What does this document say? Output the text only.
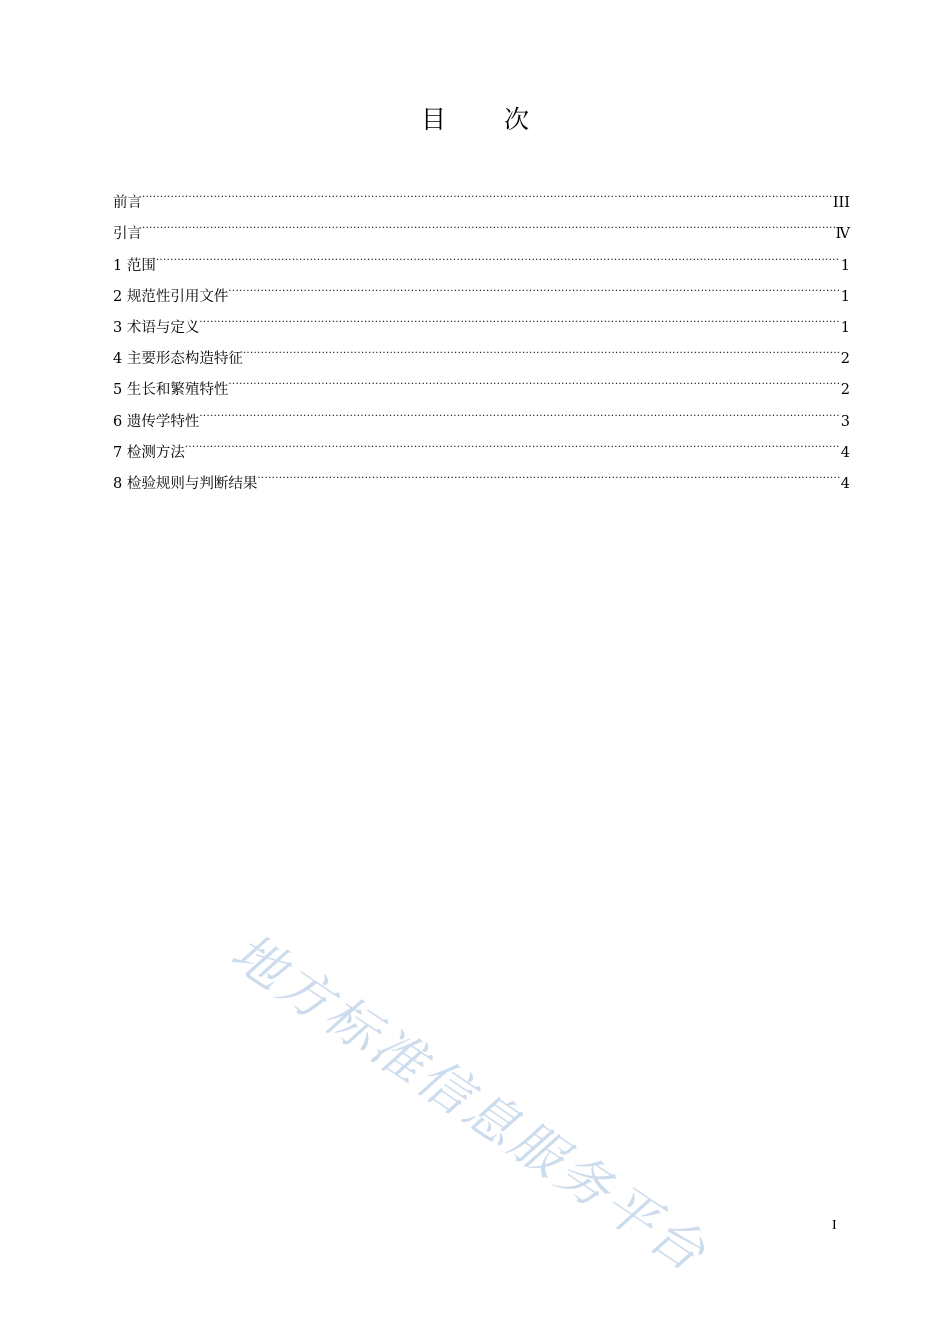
目次
前言 .....	III
引言 .....	Ⅳ
1 范围 .....	1
2 规范性引用文件 .....	1
3 术语与定义 .....	1
4 主要形态构造特征 .....	2
5 生长和繁殖特性 .....	2
6 遗传学特性 .....	3
7 检测方法 .....	4
8 检验规则与判断结果 .....	4
地方标准信息服务平台	I
